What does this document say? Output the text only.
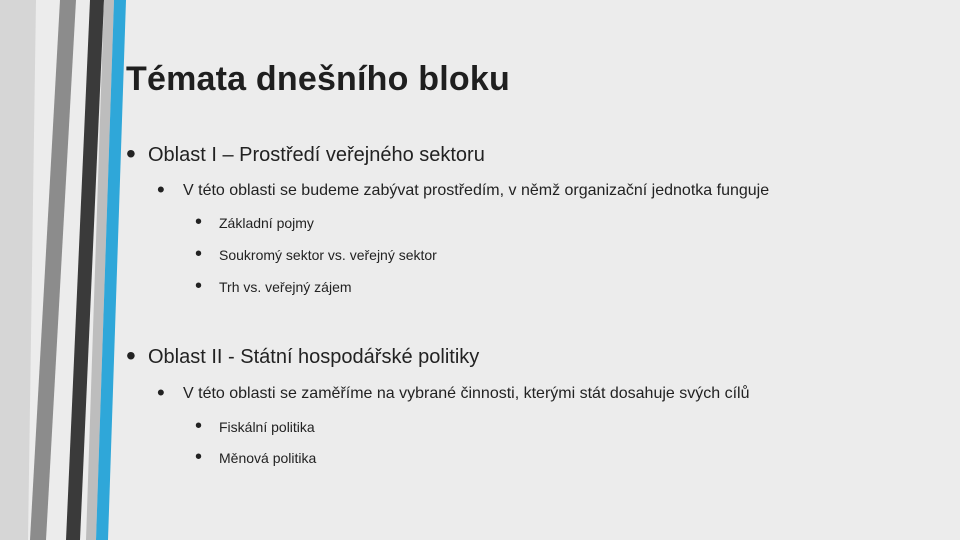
Témata dnešního bloku
• Oblast I – Prostředí veřejného sektoru
• V této oblasti se budeme zabývat prostředím, v němž organizační jednotka funguje
• Základní pojmy
• Soukromý sektor vs. veřejný sektor
• Trh vs. veřejný zájem
• Oblast II - Státní hospodářské politiky
• V této oblasti se zaměříme na vybrané činnosti, kterými stát dosahuje svých cílů
• Fiskální politika
• Měnová politika
